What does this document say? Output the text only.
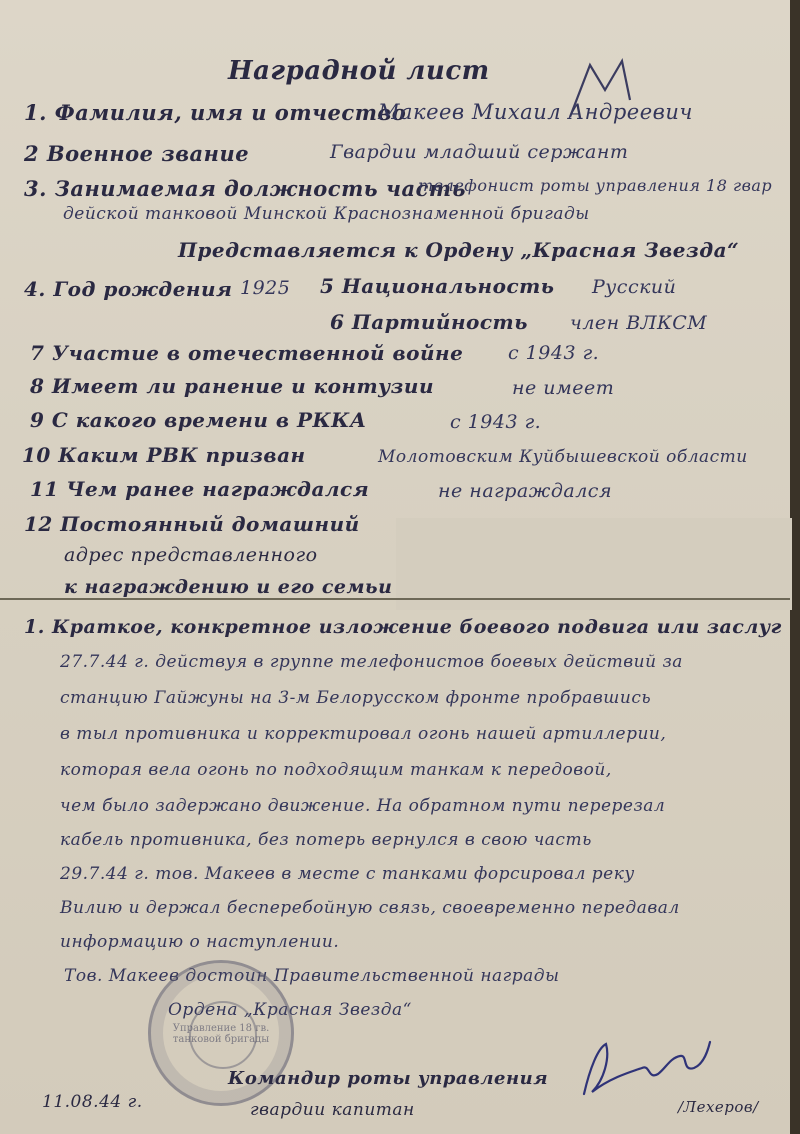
Наградной лист
1. Фамилия, имя и отчество
Макеев Михаил Андреевич
2 Военное звание	Гвардии младший сержант
3. Занимаемая должность часть
телефонист роты управления 18 гвар
дейской танковой Минской Краснознаменной бригады
Представляется к Ордену „Красная Звезда“
4. Год рождения 1925 5 Национальность Русский
6 Партийность член ВЛКСМ
7 Участие в отечественной войне с 1943 г.
8 Имеет ли ранение и контузии	не имеет
9 С какого времени в РККА	с 1943 г.
10 Каким РВК призван	Молотовским Куйбышевской области
11 Чем ранее награждался	не награждался
12 Постоянный домашний
адрес представленного
к награждению и его семьи
1. Краткое, конкретное изложение боевого подвига или заслуг
27.7.44 г. действуя в группе телефонистов боевых действий за
станцию Гайжуны на 3-м Белорусском фронте пробравшись
в тыл противника и корректировал огонь нашей артиллерии,
которая вела огонь по подходящим танкам к передовой,
чем было задержано движение. На обратном пути перерезал
кабель противника, без потерь вернулся в свою часть
29.7.44 г. тов. Макеев в месте с танками форсировал реку
Вилию и держал бесперебойную связь, своевременно передавал
информацию о наступлении.
Тов. Макеев достоин Правительственной награды
Ордена „Красная Звезда“
Управление 18 гв. танковой бригады
11.08.44 г.
Командир роты управления
гвардии капитан	/Лехеров/
